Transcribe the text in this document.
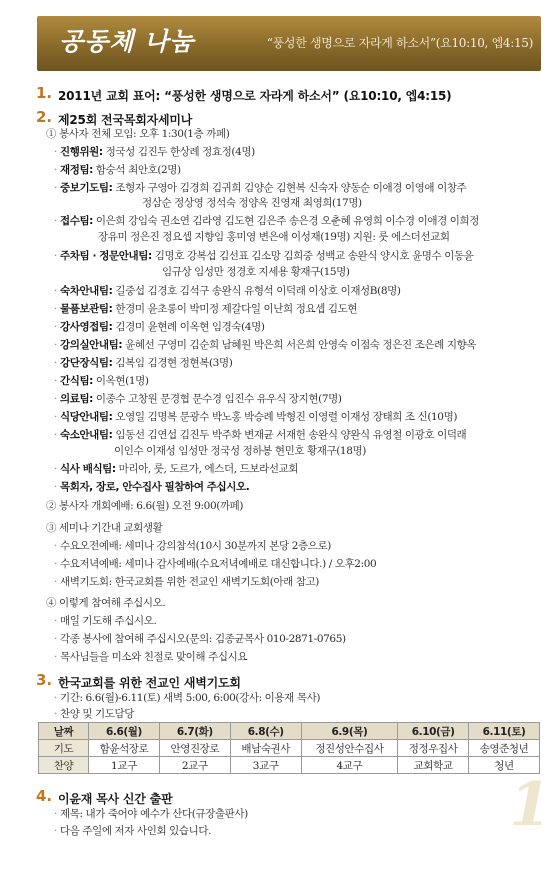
공동체 나눔	“풍성한 생명으로 자라게 하소서”(요10:10, 엡4:15)
1. 2011년 교회 표어: “풍성한 생명으로 자라게 하소서” (요10:10, 엡4:15)
2. 제25회 전국목회자세미나
① 봉사자 전체 모임: 오후 1:30(1층 까페)
· 진행위원: 정국성 김진두 한상례 정효정(4명)
· 재정팀: 함숭석 최안호(2명)
· 중보기도팀: 조형자 구영아 김경희 김귀희 김양순 김현복 신숙자 양동순 이애경 이영애 이창주
정삼순 정상영 정석숙 정양옥 진영재 최영희(17명)
· 접수팀: 이은희 강임숙 권소연 김라영 김도현 김은주 송은경 오춘혜 유영희 이수경 이애경 이희정
장유미 정은진 정요셉 지향임 홍미영 변은애 이성재(19명) 지원: 룻 에스더선교회
· 주차팀 · 정문안내팀: 김명호 강복섭 김선표 김소망 김희중 성백교 송완식 양시호 윤명수 이동윤
임규상 임성만 정경호 지세용 황재구(15명)
· 숙차안내팀: 길중섭 김경호 김석구 송완식 유형석 이덕래 이상호 이재성B(8명)
· 물품보관팀: 한경미 윤초롱이 박미정 제갈다일 이난희 정요셉 김도현
· 강사영접팀: 김경미 윤현례 이옥현 임경숙(4명)
· 강의실안내팀: 윤혜선 구영미 김순희 남혜원 박은희 서은희 안영숙 이점숙 정은진 조은례 지향옥
· 강단장식팀: 김복임 김경현 정현복(3명)
· 간식팀: 이옥현(1명)
· 의료팀: 이종수 고창원 문경협 문수경 임진수 유우식 장지현(7명)
· 식당안내팀: 오영일 김명복 문광수 박노홍 박승례 박형진 이영렬 이재성 장태희 조 신(10명)
· 숙소안내팀: 임동선 김연섭 김진두 박주화 변재균 서재헌 송완식 양완식 유영철 이광호 이덕래
이인수 이재성 임성만 정국성 정하봉 현민호 황재구(18명)
· 식사 배식팀: 마리아, 룻, 도르가, 에스더, 드보라선교회
· 목회자, 장로, 안수집사 필참하여 주십시오.
② 봉사자 개회예배: 6.6(월) 오전 9:00(까페)
③ 세미나 기간내 교회생활
· 수요오전예배: 세미나 강의참석(10시 30분까지 본당 2층으로)
· 수요저녁예배: 세미나 감사예배(수요저녁예배로 대신합니다.) / 오후2:00
· 새벽기도회: 한국교회를 위한 전교인 새벽기도회(아래 참고)
④ 이렇게 참여해 주십시오.
· 매일 기도해 주십시오.
· 각종 봉사에 참여해 주십시오(문의: 김종균목사 010-2871-0765)
· 목사님들을 미소와 친절로 맞이해 주십시요
3. 한국교회를 위한 전교인 새벽기도회
· 기간: 6.6(월)-6.11(토) 새벽 5:00, 6:00(강사: 이용재 목사)
· 찬양 및 기도담당
날짜	6.6(월)	6.7(화)	6.8(수)	6.9(목)	6.10(금)	6.11(토)
기도	함윤석장로	안영진장로	배남숙권사	정진성안수집사	정정우집사	송영준청년
찬양	1교구	2교구	3교구	4교구	교회학교	청년
4. 이윤재 목사 신간 출판
· 제목: 내가 죽어야 예수가 산다(규장출판사)
· 다음 주일에 저자 사인회 있습니다.	1
